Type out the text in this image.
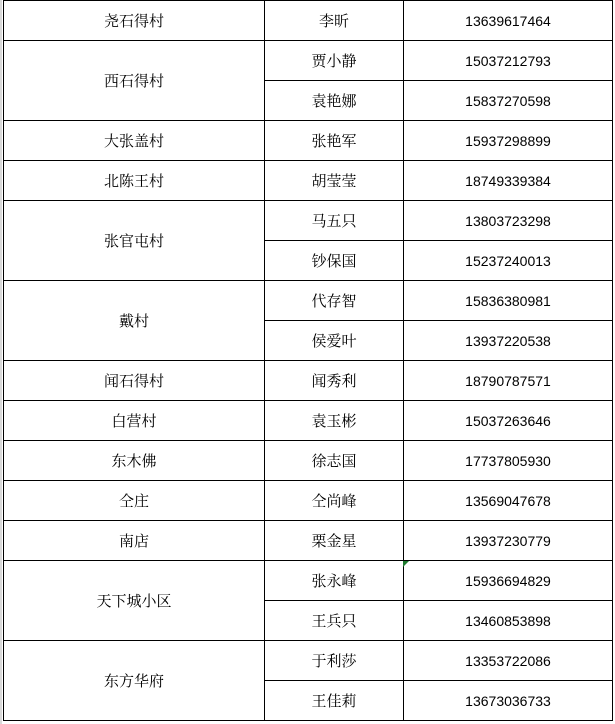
尧石得村	李昕	13639617464
西石得村	贾小静	15037212793
	袁艳娜	15837270598
大张盖村	张艳军	15937298899
北陈王村	胡莹莹	18749339384
张官屯村	马五只	13803723298
	钞保国	15237240013
戴村	代存智	15836380981
	侯爱叶	13937220538
闻石得村	闻秀利	18790787571
白营村	袁玉彬	15037263646
东木佛	徐志国	17737805930
仝庄	仝尚峰	13569047678
南店	栗金星	13937230779
天下城小区	张永峰	15936694829
	王兵只	13460853898
东方华府	于利莎	13353722086
	王佳莉	13673036733
